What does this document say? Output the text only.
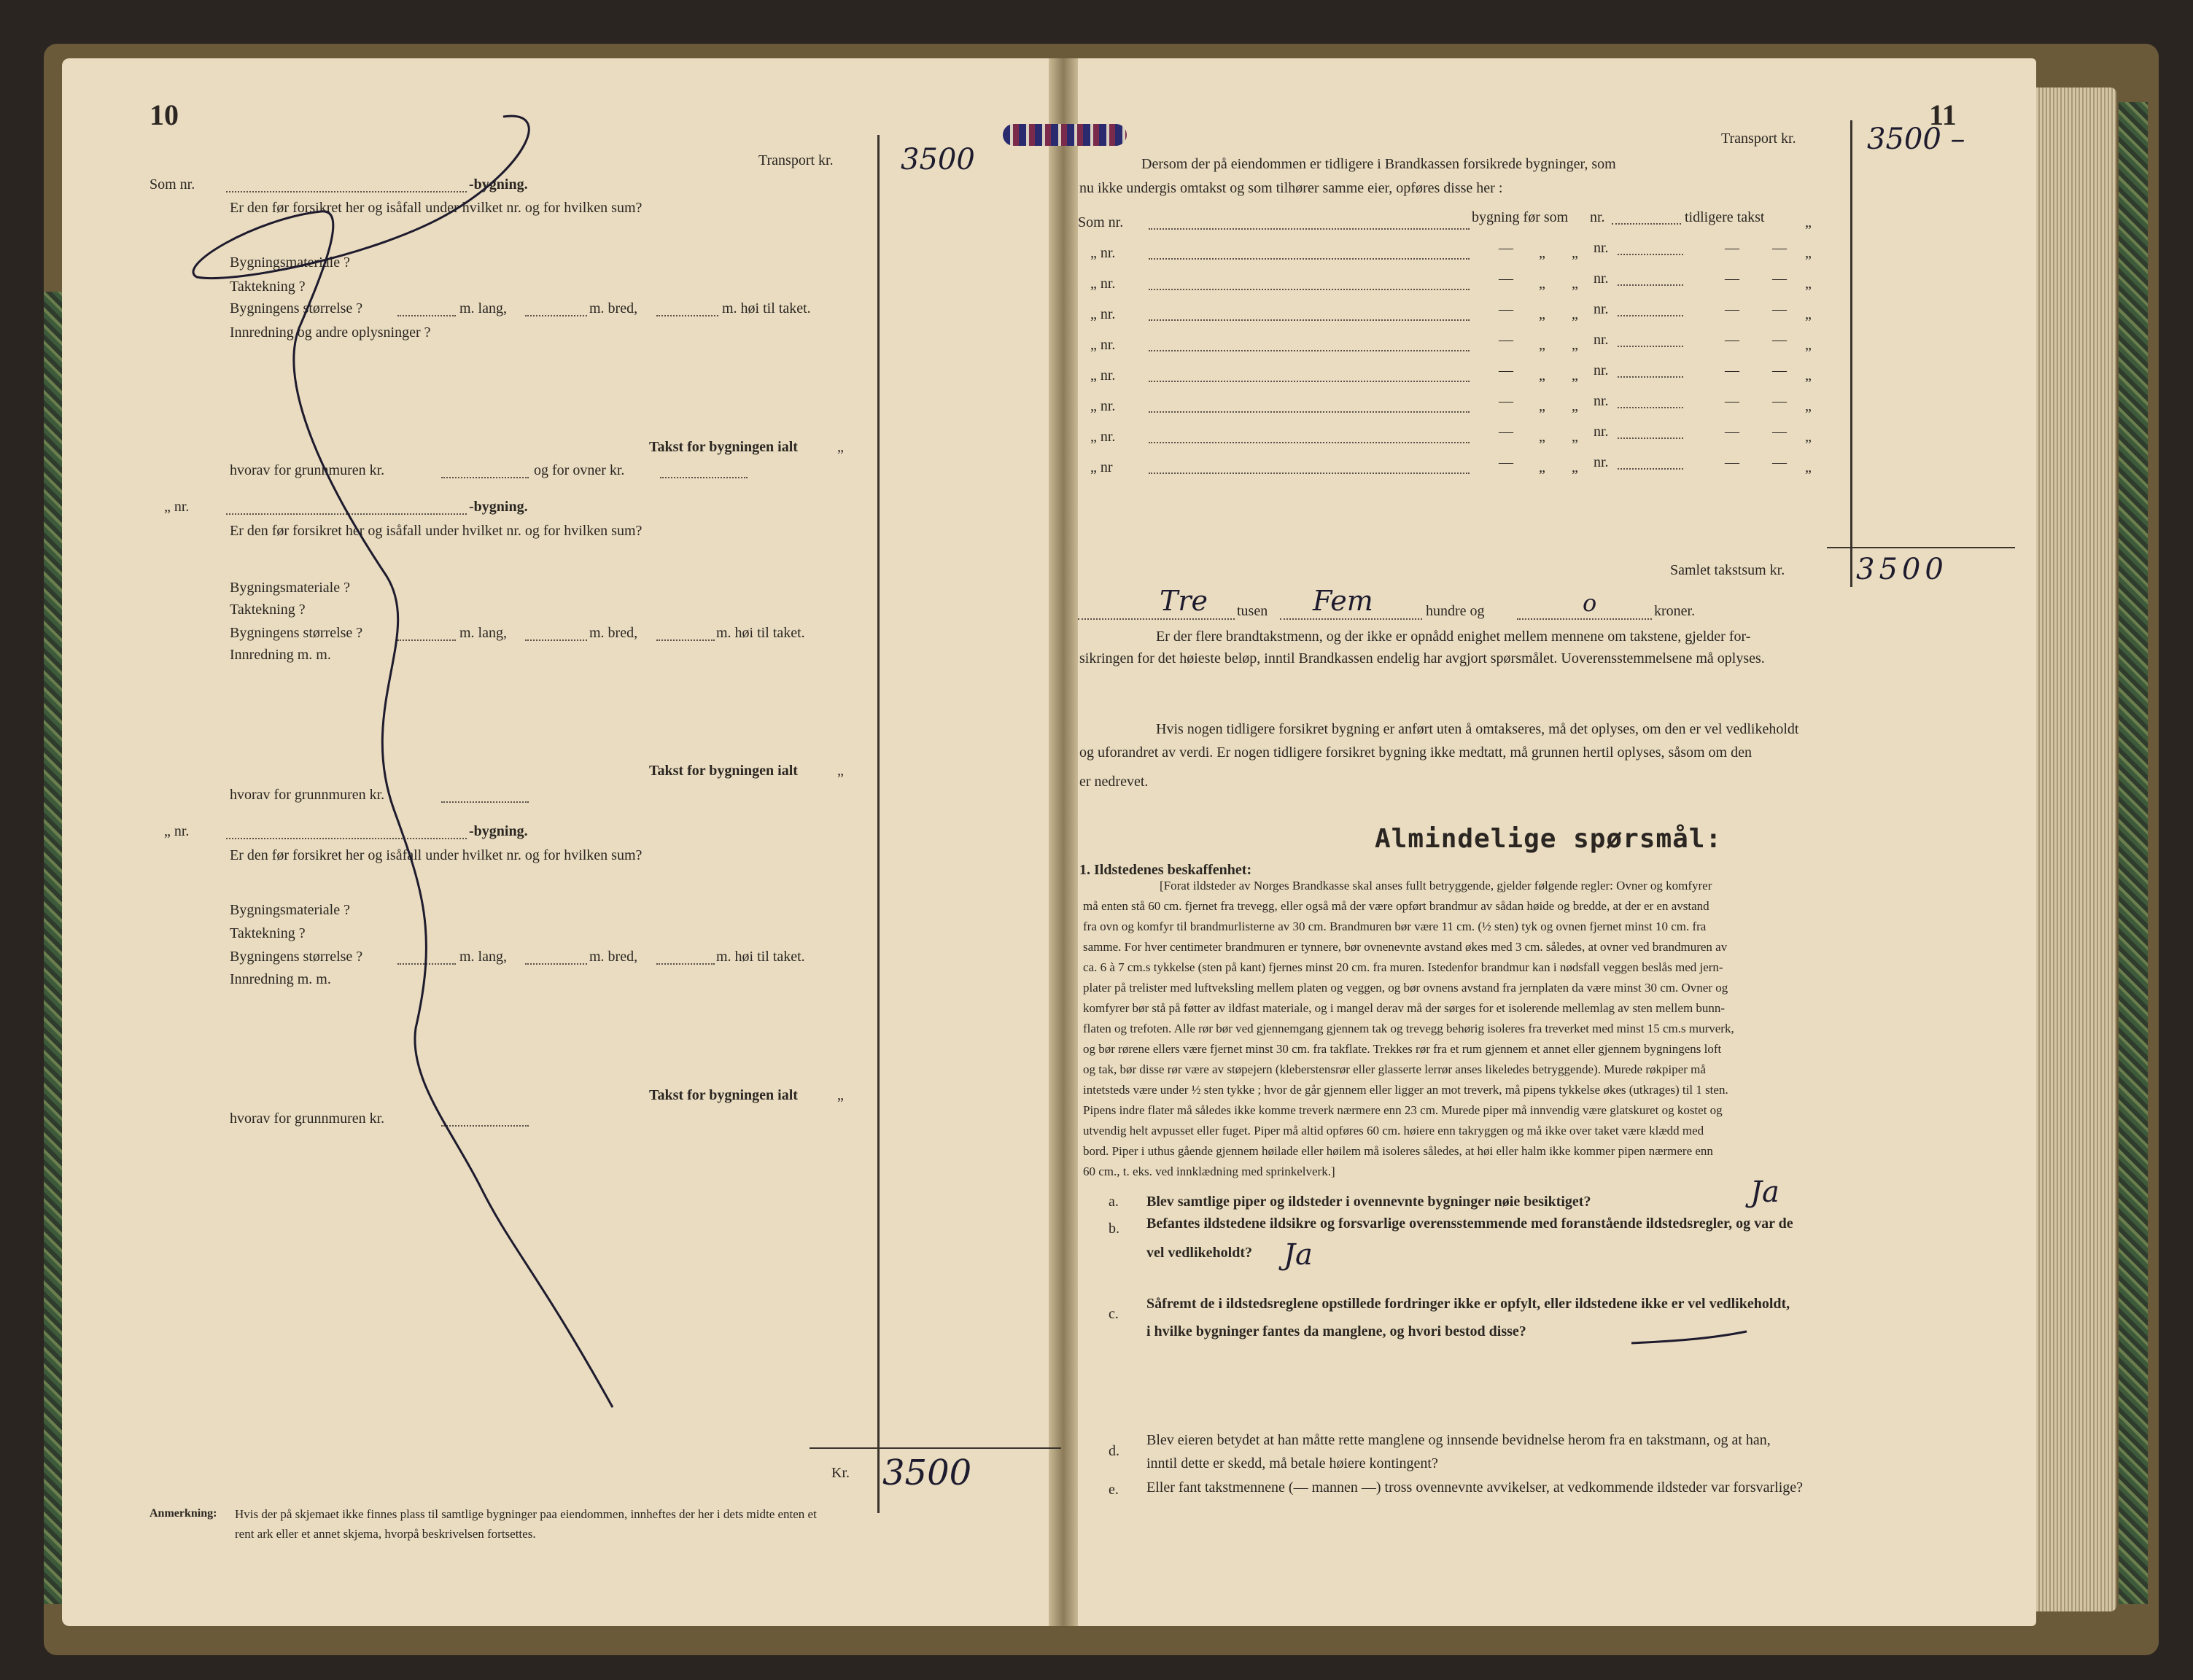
10
Transport kr. 3500
Som nr.	-bygning.
Er den før forsikret her og isåfall under hvilket nr. og for hvilken sum?
Bygningsmateriale ?
Taktekning ?
Bygningens størrelse ?	m. lang,	m. bred,	m. høi til taket.
Innredning og andre oplysninger ?
Takst for bygningen ialt	„
hvorav for grunnmuren kr.	og for ovner kr.
„ nr.	-bygning.
Er den før forsikret her og isåfall under hvilket nr. og for hvilken sum?
Bygningsmateriale ?
Taktekning ?
Bygningens størrelse ?	m. lang,	m. bred,	m. høi til taket.
Innredning m. m.
Takst for bygningen ialt	„
hvorav for grunnmuren kr.
„ nr.	-bygning.
Er den før forsikret her og isåfall under hvilket nr. og for hvilken sum?
Bygningsmateriale ?
Taktekning ?
Bygningens størrelse ?	m. lang,	m. bred,	m. høi til taket.
Innredning m. m.
Takst for bygningen ialt	„
hvorav for grunnmuren kr.
Kr. 3500
Anmerkning: Hvis der på skjemaet ikke finnes plass til samtlige bygninger paa eiendommen, innheftes der her i dets midte enten et
rent ark eller et annet skjema, hvorpå beskrivelsen fortsettes.
11
Transport kr. 3500 –
Dersom der på eiendommen er tidligere i Brandkassen forsikrede bygninger, som
nu ikke undergis omtakst og som tilhører samme eier, opføres disse her :
Som nr.	bygning før som nr.	tidligere takst	„
„ nr.	— „ „ nr.	— — „
„ nr.	— „ „ nr.	— — „
„ nr.	— „ „ nr.	— — „
„ nr.	— „ „ nr.	— — „
„ nr.	— „ „ nr.	— — „
„ nr.	— „ „ nr.	— — „
„ nr.	— „ „ nr.	— — „
„ nr	— „ „ nr.	— — „
Samlet takstsum kr. 3500
Tre tusen Fem	hundre og	o	kroner.
Er der flere brandtakstmenn, og der ikke er opnådd enighet mellem mennene om takstene, gjelder for-
sikringen for det høieste beløp, inntil Brandkassen endelig har avgjort spørsmålet. Uoverensstemmelsene må oplyses.
Hvis nogen tidligere forsikret bygning er anført uten å omtakseres, må det oplyses, om den er vel vedlikeholdt
og uforandret av verdi. Er nogen tidligere forsikret bygning ikke medtatt, må grunnen hertil oplyses, såsom om den
er nedrevet.
Almindelige spørsmål:
1. Ildstedenes beskaffenhet:
[Forat ildsteder av Norges Brandkasse skal anses fullt betryggende, gjelder følgende regler: Ovner og komfyrer
må enten stå 60 cm. fjernet fra trevegg, eller også må der være opført brandmur av sådan høide og bredde, at der er en avstand
fra ovn og komfyr til brandmurlisterne av 30 cm. Brandmuren bør være 11 cm. (½ sten) tyk og ovnen fjernet minst 10 cm. fra
samme. For hver centimeter brandmuren er tynnere, bør ovnenevnte avstand økes med 3 cm. således, at ovner ved brandmuren av
ca. 6 à 7 cm.s tykkelse (sten på kant) fjernes minst 20 cm. fra muren. Istedenfor brandmur kan i nødsfall veggen beslås med jern-
plater på trelister med luftveksling mellem platen og veggen, og bør ovnens avstand fra jernplaten da være minst 30 cm. Ovner og
komfyrer bør stå på føtter av ildfast materiale, og i mangel derav må der sørges for et isolerende mellemlag av sten mellem bunn-
flaten og trefoten. Alle rør bør ved gjennemgang gjennem tak og trevegg behørig isoleres fra treverket med minst 15 cm.s murverk,
og bør rørene ellers være fjernet minst 30 cm. fra takflate. Trekkes rør fra et rum gjennem et annet eller gjennem bygningens loft
og tak, bør disse rør være av støpejern (kleberstensrør eller glasserte lerrør anses likeledes betryggende). Murede røkpiper må
intetsteds være under ½ sten tykke ; hvor de går gjennem eller ligger an mot treverk, må pipens tykkelse økes (utkrages) til 1 sten.
Pipens indre flater må således ikke komme treverk nærmere enn 23 cm. Murede piper må innvendig være glatskuret og kostet og
utvendig helt avpusset eller fuget. Piper må altid opføres 60 cm. høiere enn takryggen og må ikke over taket være klædd med
bord. Piper i uthus gående gjennem høilade eller høilem må isoleres således, at høi eller halm ikke kommer pipen nærmere enn
60 cm., t. eks. ved innklædning med sprinkelverk.]
a. Blev samtlige piper og ildsteder i ovennevnte bygninger nøie besiktiget?	Ja
b. Befantes ildstedene ildsikre og forsvarlige overensstemmende med foranstående ildstedsregler, og var de
vel vedlikeholdt? Ja
c.
Såfremt de i ildstedsreglene opstillede fordringer ikke er opfylt, eller ildstedene ikke er vel vedlikeholdt,
i hvilke bygninger fantes da manglene, og hvori bestod disse?
d.
Blev eieren betydet at han måtte rette manglene og innsende bevidnelse herom fra en takstmann, og at han,
inntil dette er skedd, må betale høiere kontingent?
e. Eller fant takstmennene (— mannen —) tross ovennevnte avvikelser, at vedkommende ildsteder var forsvarlige?
